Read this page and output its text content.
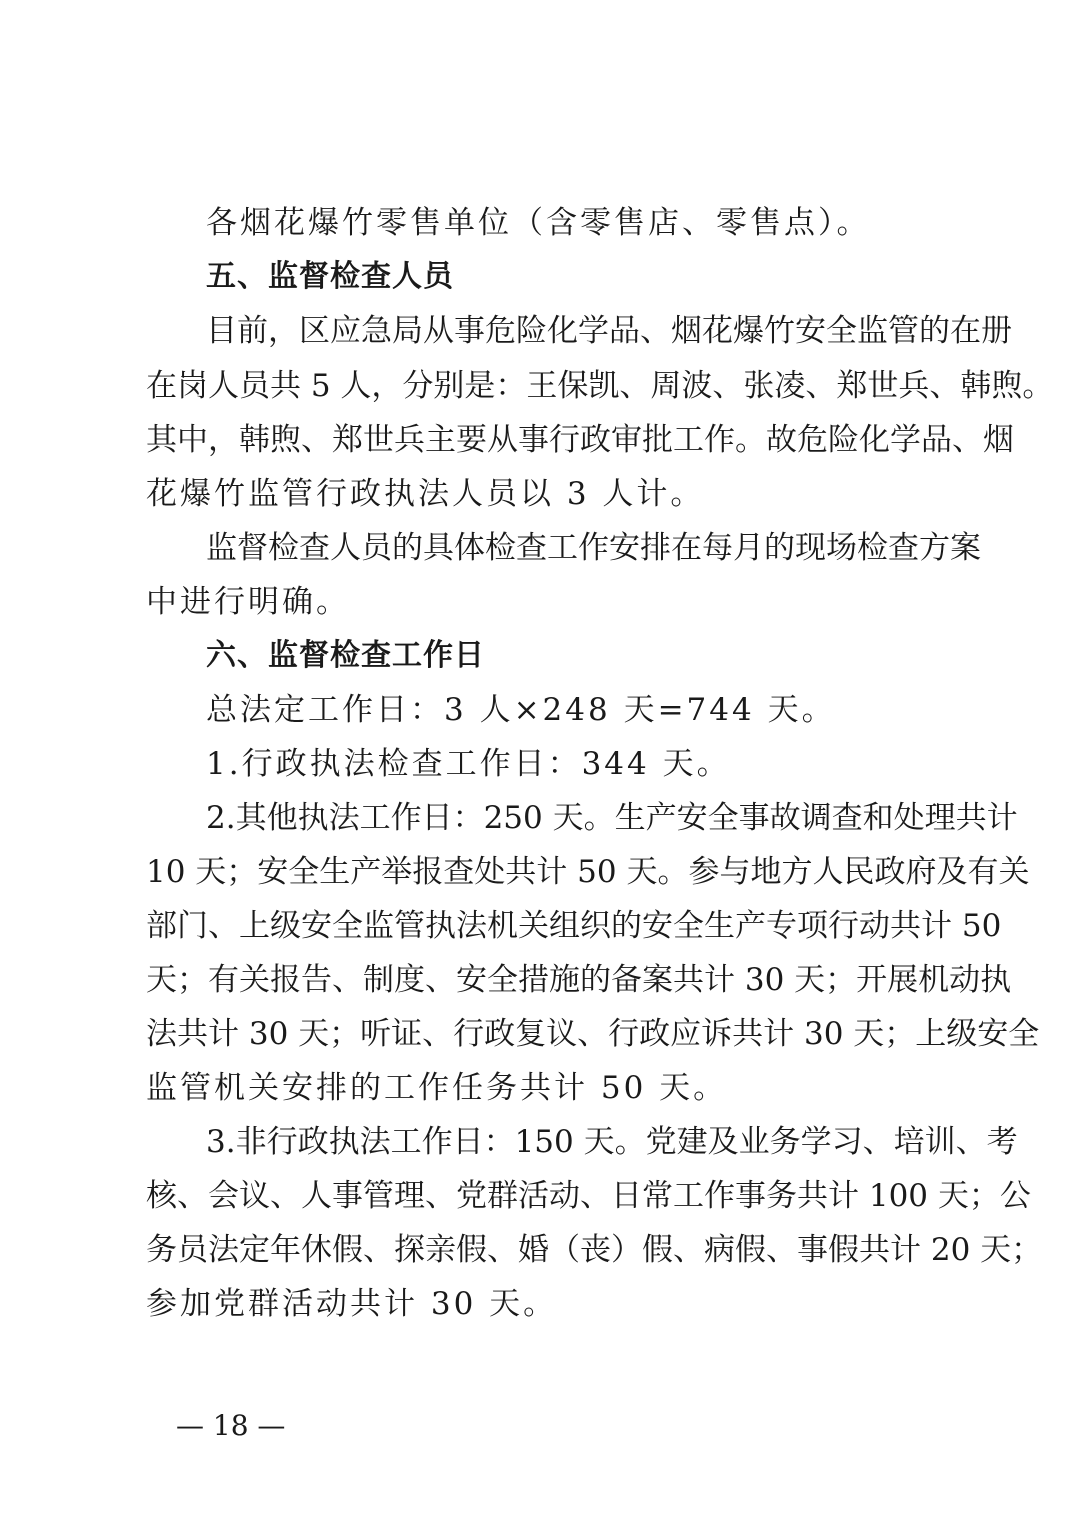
各烟花爆竹零售单位（含零售店、零售点）。
五、监督检查人员
目前，区应急局从事危险化学品、烟花爆竹安全监管的在册
在岗人员共 5 人，分别是：王保凯、周波、张凌、郑世兵、韩煦。
其中，韩煦、郑世兵主要从事行政审批工作。故危险化学品、烟
花爆竹监管行政执法人员以 3 人计。
监督检查人员的具体检查工作安排在每月的现场检查方案
中进行明确。
六、监督检查工作日
总法定工作日：3 人×248 天=744 天。
1.行政执法检查工作日：344 天。
2.其他执法工作日：250 天。生产安全事故调查和处理共计
10 天；安全生产举报查处共计 50 天。参与地方人民政府及有关
部门、上级安全监管执法机关组织的安全生产专项行动共计 50
天；有关报告、制度、安全措施的备案共计 30 天；开展机动执
法共计 30 天；听证、行政复议、行政应诉共计 30 天；上级安全
监管机关安排的工作任务共计 50 天。
3.非行政执法工作日：150 天。党建及业务学习、培训、考
核、会议、人事管理、党群活动、日常工作事务共计 100 天；公
务员法定年休假、探亲假、婚（丧）假、病假、事假共计 20 天；
参加党群活动共计 30 天。
— 18 —
